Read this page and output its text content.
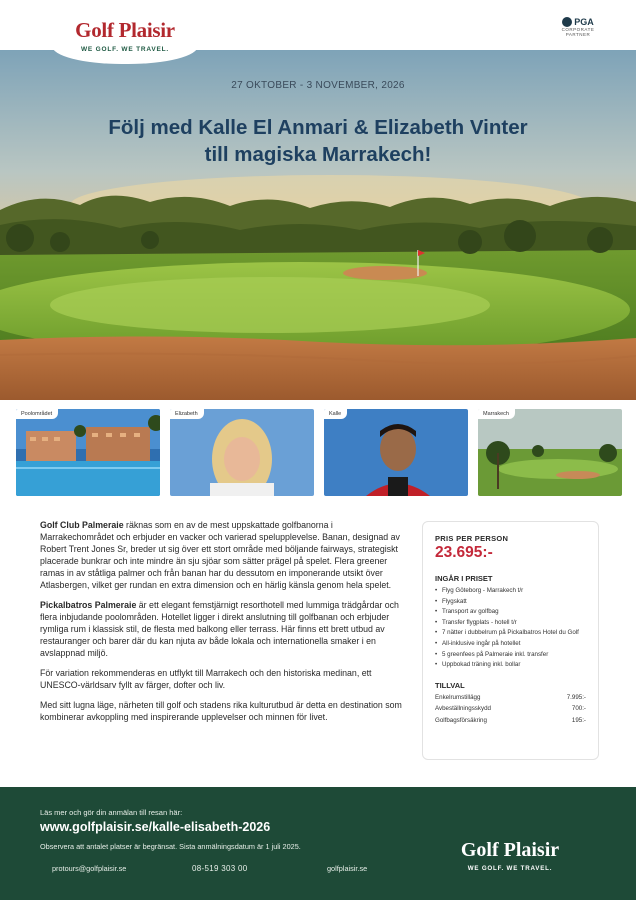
Golf Plaisir
WE GOLF. WE TRAVEL.
PGA
CORPORATE
PARTNER
27 OKTOBER - 3 NOVEMBER, 2026
Följ med Kalle El Anmari & Elizabeth Vinter
till magiska Marrakech!
Poolområdet	Elizabeth	Kalle	Marrakech

Golf Club Palmeraie räknas som en av de mest uppskattade golfbanorna i Marrakechområdet och erbjuder en vacker och varierad spelupplevelse. Banan, designad av Robert Trent Jones Sr, breder ut sig över ett stort område med böljande fairways, strategiskt placerade bunkrar och inte mindre än sju sjöar som sätter prägel på spelet. Flera greener ramas in av ståtliga palmer och från banan har du dessutom en imponerande utsikt över Atlasbergen, vilket ger rundan en extra dimension och en härlig känsla genom hela spelet.

Pickalbatros Palmeraie är ett elegant femstjärnigt resorthotell med lummiga trädgårdar och flera inbjudande poolområden. Hotellet ligger i direkt anslutning till golfbanan och erbjuder rymliga rum i klassisk stil, de flesta med balkong eller terrass. Här finns ett brett utbud av restauranger och barer där du kan njuta av både lokala och internationella smaker i en avslappnad miljö.

För variation rekommenderas en utflykt till Marrakech och den historiska medinan, ett UNESCO-världsarv fyllt av färger, dofter och liv.

Med sitt lugna läge, närheten till golf och stadens rika kulturutbud är detta en destination som kombinerar avkoppling med inspirerande upplevelser och minnen för livet.

PRIS PER PERSON
23.695:-
INGÅR I PRISET
• Flyg Göteborg - Marrakech t/r
• Flygskatt
• Transport av golfbag
• Transfer flygplats - hotell t/r
• 7 nätter i dubbelrum på Pickalbatros Hotel du Golf
• All-inklusive ingår på hotellet
• 5 greenfees på Palmeraie inkl. transfer
• Uppbokad träning inkl. bollar
TILLVAL
Enkelrumstillägg	7.995:-
Avbeställningsskydd	700:-
Golfbagsförsäkring	195:-
Läs mer och gör din anmälan till resan här:
www.golfplaisir.se/kalle-elisabeth-2026
Observera att antalet platser är begränsat. Sista anmälningsdatum är 1 juli 2025.
protours@golfplaisir.se	08-519 303 00	golfplaisir.se
Golf Plaisir
WE GOLF. WE TRAVEL.
